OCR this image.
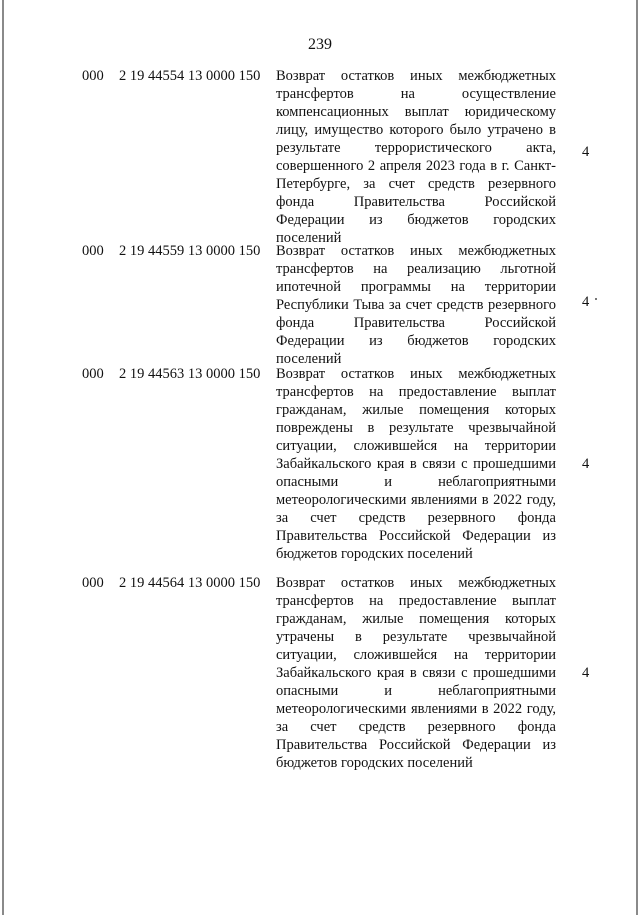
239
000 2 19 44554 13 0000 150 Возврат остатков иных межбюджетных трансфертов на осуществление компенсационных выплат юридическому лицу, имущество которого было утрачено в результате террористического акта, совершенного 2 апреля 2023 года в г. Санкт-Петербурге, за счет средств резервного фонда Правительства Российской Федерации из бюджетов городских поселений
4
000 2 19 44559 13 0000 150 Возврат остатков иных межбюджетных трансфертов на реализацию льготной ипотечной программы на территории Республики Тыва за счет средств резервного фонда Правительства Российской Федерации из бюджетов городских поселений
4
000 2 19 44563 13 0000 150 Возврат остатков иных межбюджетных трансфертов на предоставление выплат гражданам, жилые помещения которых повреждены в результате чрезвычайной ситуации, сложившейся на территории Забайкальского края в связи с прошедшими опасными и неблагоприятными метеорологическими явлениями в 2022 году, за счет средств резервного фонда Правительства Российской Федерации из бюджетов городских поселений
4
000 2 19 44564 13 0000 150 Возврат остатков иных межбюджетных трансфертов на предоставление выплат гражданам, жилые помещения которых утрачены в результате чрезвычайной ситуации, сложившейся на территории Забайкальского края в связи с прошедшими опасными и неблагоприятными метеорологическими явлениями в 2022 году, за счет средств резервного фонда Правительства Российской Федерации из бюджетов городских поселений
4
